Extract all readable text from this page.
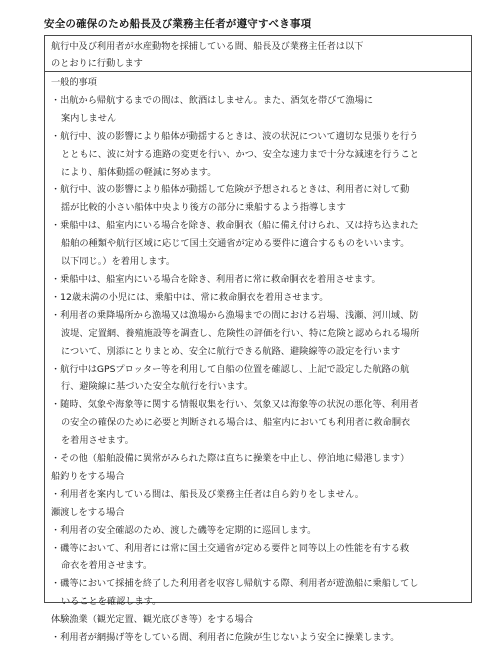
安全の確保のため船長及び業務主任者が遵守すべき事項
航行中及び利用者が水産動物を採捕している間、船長及び業務主任者は以下
のとおりに行動します
一般的事項
・出航から帰航するまでの間は、飲酒はしません。また、酒気を帯びて漁場に
案内しません
・航行中、波の影響により船体が動揺するときは、波の状況について適切な見張りを行う
とともに、波に対する進路の変更を行い、かつ、安全な速力まで十分な減速を行うこと
により、船体動揺の軽減に努めます。
・航行中、波の影響により船体が動揺して危険が予想されるときは、利用者に対して動
揺が比較的小さい船体中央より後方の部分に乗船するよう指導します
・乗船中は、船室内にいる場合を除き、救命胴衣（船に備え付けられ、又は持ち込まれた
船舶の種類や航行区域に応じて国土交通省が定める要件に適合するものをいいます。
以下同じ。）を着用します。
・乗船中は、船室内にいる場合を除き、利用者に常に救命胴衣を着用させます。
・12歳未満の小児には、乗船中は、常に救命胴衣を着用させます。
・利用者の乗降場所から漁場又は漁場から漁場までの間における岩場、浅瀬、河川域、防
波堤、定置網、養殖施設等を調査し、危険性の評価を行い、特に危険と認められる場所
について、別添にとりまとめ、安全に航行できる航路、避険線等の設定を行います
・航行中はGPSプロッター等を利用して自船の位置を確認し、上記で設定した航路の航
行、避険線に基づいた安全な航行を行います。
・随時、気象や海象等に関する情報収集を行い、気象又は海象等の状況の悪化等、利用者
の安全の確保のために必要と判断される場合は、船室内においても利用者に救命胴衣
を着用させます。
・その他（船舶設備に異常がみられた際は直ちに操業を中止し、停泊地に帰港します）
船釣りをする場合
・利用者を案内している間は、船長及び業務主任者は自ら釣りをしません。
瀬渡しをする場合
・利用者の安全確認のため、渡した磯等を定期的に巡回します。
・磯等において、利用者には常に国土交通省が定める要件と同等以上の性能を有する救
命衣を着用させます。
・磯等において採捕を終了した利用者を収容し帰航する際、利用者が遊漁船に乗船してし
いることを確認します。
体験漁業（観光定置、観光底びき等）をする場合
・利用者が網揚げ等をしている間、利用者に危険が生じないよう安全に操業します。
